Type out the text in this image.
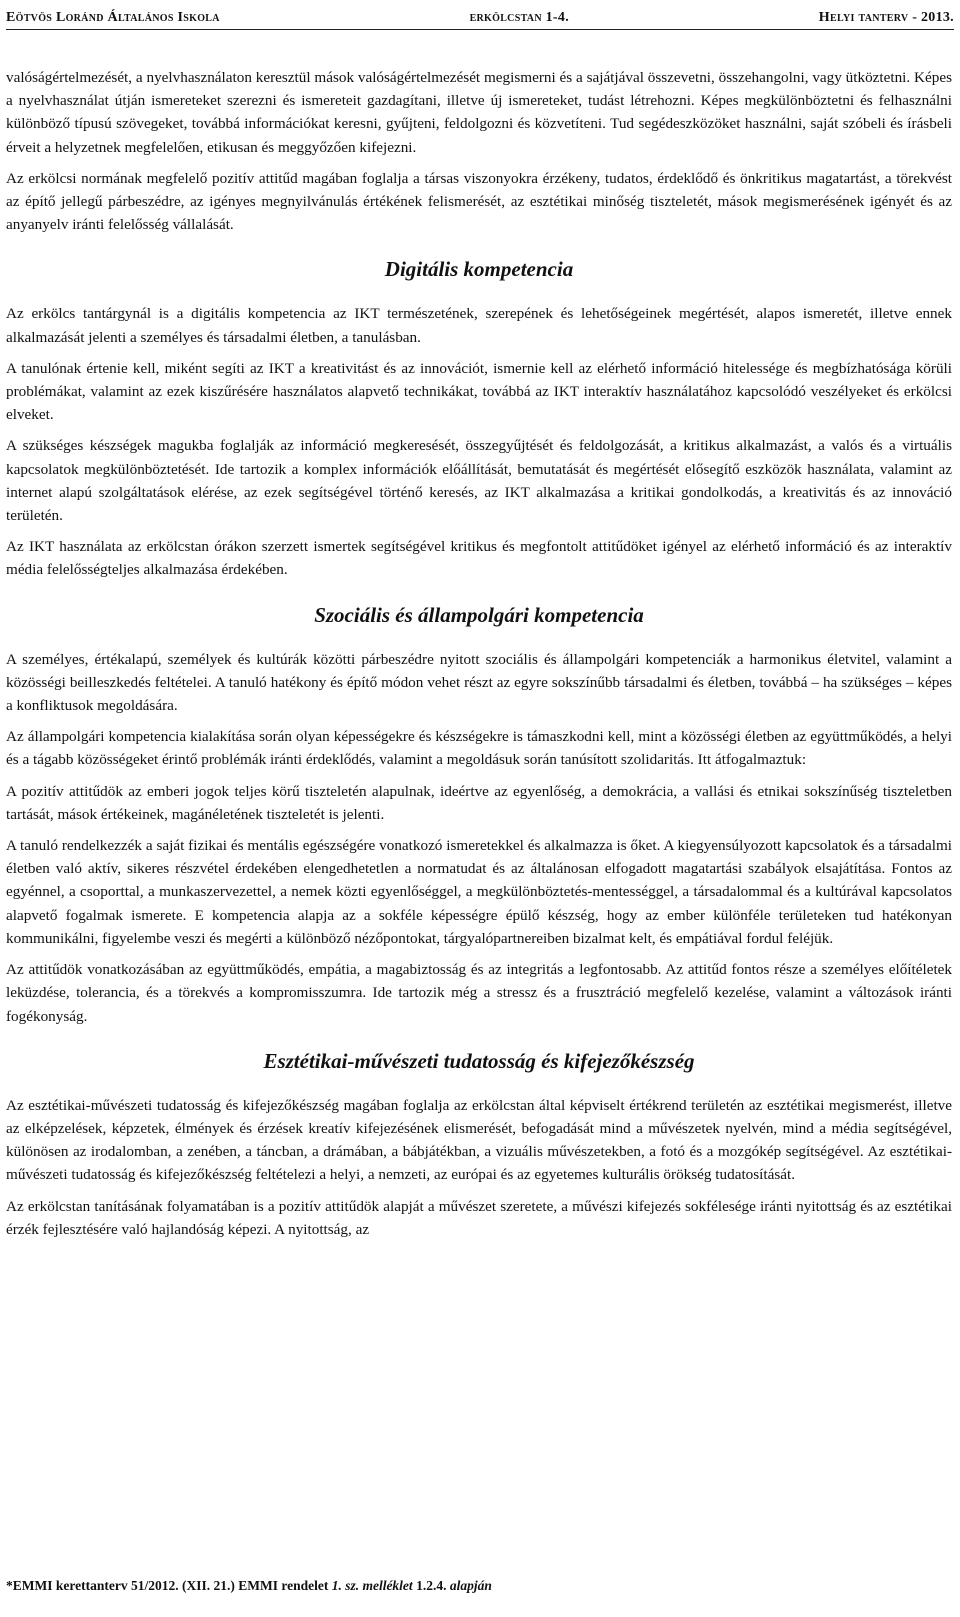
Eötvös Loránd Általános Iskola	erkölcstan 1-4.	Helyi tanterv - 2013.

valóságértelmezését, a nyelvhasználaton keresztül mások valóságértelmezését megismerni és a sajátjával összevetni, összehangolni, vagy ütköztetni. Képes a nyelvhasználat útján ismereteket szerezni és ismereteit gazdagítani, illetve új ismereteket, tudást létrehozni. Képes megkülönböztetni és felhasználni különböző típusú szövegeket, továbbá információkat keresni, gyűjteni, feldolgozni és közvetíteni. Tud segédeszközöket használni, saját szóbeli és írásbeli érveit a helyzetnek megfelelően, etikusan és meggyőzően kifejezni.

Az erkölcsi normának megfelelő pozitív attitűd magában foglalja a társas viszonyokra érzékeny, tudatos, érdeklődő és önkritikus magatartást, a törekvést az építő jellegű párbeszédre, az igényes megnyilvánulás értékének felismerését, az esztétikai minőség tiszteletét, mások megismerésének igényét és az anyanyelv iránti felelősség vállalását.

Digitális kompetencia

Az erkölcs tantárgynál is a digitális kompetencia az IKT természetének, szerepének és lehetőségeinek megértését, alapos ismeretét, illetve ennek alkalmazását jelenti a személyes és társadalmi életben, a tanulásban.

A tanulónak értenie kell, miként segíti az IKT a kreativitást és az innovációt, ismernie kell az elérhető információ hitelessége és megbízhatósága körüli problémákat, valamint az ezek kiszűrésére használatos alapvető technikákat, továbbá az IKT interaktív használatához kapcsolódó veszélyeket és erkölcsi elveket.

A szükséges készségek magukba foglalják az információ megkeresését, összegyűjtését és feldolgozását, a kritikus alkalmazást, a valós és a virtuális kapcsolatok megkülönböztetését. Ide tartozik a komplex információk előállítását, bemutatását és megértését elősegítő eszközök használata, valamint az internet alapú szolgáltatások elérése, az ezek segítségével történő keresés, az IKT alkalmazása a kritikai gondolkodás, a kreativitás és az innováció területén.

Az IKT használata az erkölcstan órákon szerzett ismertek segítségével kritikus és megfontolt attitűdöket igényel az elérhető információ és az interaktív média felelősségteljes alkalmazása érdekében.

Szociális és állampolgári kompetencia

A személyes, értékalapú, személyek és kultúrák közötti párbeszédre nyitott szociális és állampolgári kompetenciák a harmonikus életvitel, valamint a közösségi beilleszkedés feltételei. A tanuló hatékony és építő módon vehet részt az egyre sokszínűbb társadalmi és életben, továbbá – ha szükséges – képes a konfliktusok megoldására.

Az állampolgári kompetencia kialakítása során olyan képességekre és készségekre is támaszkodni kell, mint a közösségi életben az együttműködés, a helyi és a tágabb közösségeket érintő problémák iránti érdeklődés, valamint a megoldásuk során tanúsított szolidaritás. Itt átfogalmaztuk:

A pozitív attitűdök az emberi jogok teljes körű tiszteletén alapulnak, ideértve az egyenlőség, a demokrácia, a vallási és etnikai sokszínűség tiszteletben tartását, mások értékeinek, magánéletének tiszteletét is jelenti.

A tanuló rendelkezzék a saját fizikai és mentális egészségére vonatkozó ismeretekkel és alkalmazza is őket. A kiegyensúlyozott kapcsolatok és a társadalmi életben való aktív, sikeres részvétel érdekében elengedhetetlen a normatudat és az általánosan elfogadott magatartási szabályok elsajátítása. Fontos az egyénnel, a csoporttal, a munkaszervezettel, a nemek közti egyenlőséggel, a megkülönböztetés-mentességgel, a társadalommal és a kultúrával kapcsolatos alapvető fogalmak ismerete. E kompetencia alapja az a sokféle képességre épülő készség, hogy az ember különféle területeken tud hatékonyan kommunikálni, figyelembe veszi és megérti a különböző nézőpontokat, tárgyalópartnereiben bizalmat kelt, és empátiával fordul feléjük.

Az attitűdök vonatkozásában az együttműködés, empátia, a magabiztosság és az integritás a legfontosabb. Az attitűd fontos része a személyes előítéletek leküzdése, tolerancia, és a törekvés a kompromisszumra. Ide tartozik még a stressz és a frusztráció megfelelő kezelése, valamint a változások iránti fogékonyság.

Esztétikai-művészeti tudatosság és kifejezőkészség

Az esztétikai-művészeti tudatosság és kifejezőkészség magában foglalja az erkölcstan által képviselt értékrend területén az esztétikai megismerést, illetve az elképzelések, képzetek, élmények és érzések kreatív kifejezésének elismerését, befogadását mind a művészetek nyelvén, mind a média segítségével, különösen az irodalomban, a zenében, a táncban, a drámában, a bábjátékban, a vizuális művészetekben, a fotó és a mozgókép segítségével. Az esztétikai-művészeti tudatosság és kifejezőkészség feltételezi a helyi, a nemzeti, az európai és az egyetemes kulturális örökség tudatosítását.

Az erkölcstan tanításának folyamatában is a pozitív attitűdök alapját a művészet szeretete, a művészi kifejezés sokfélesége iránti nyitottság és az esztétikai érzék fejlesztésére való hajlandóság képezi. A nyitottság, az

*EMMI kerettanterv 51/2012. (XII. 21.) EMMI rendelet 1. sz. melléklet 1.2.4. alapján
